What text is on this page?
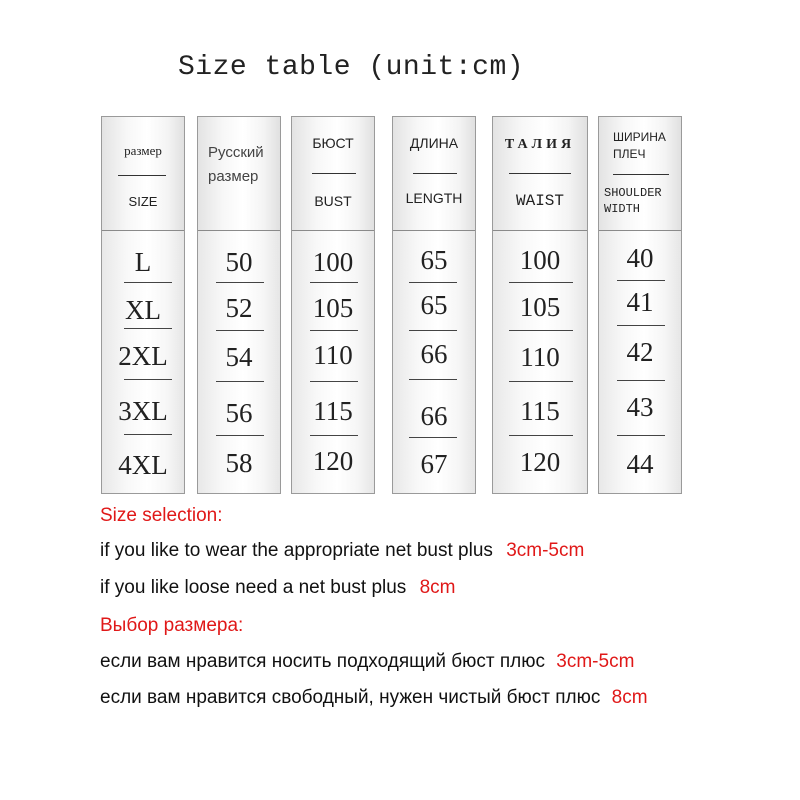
Size table (unit:cm)
размер
SIZE
L
XL
2XL
3XL
4XL
Русский размер
50
52
54
56
58
БЮСТ
BUST
100
105
110
115
120
ДЛИНА
LENGTH
65
65
66
66
67
ТАЛИЯ
WAIST
100
105
110
115
120
ШИРИНА ПЛЕЧ
SHOULDER WIDTH
40
41
42
43
44
Size selection:
if you like to wear the appropriate net bust plus 3cm-5cm
if you like loose need a net bust plus 8cm
Выбор размера:
если вам нравится носить подходящий бюст плюс 3cm-5cm
если вам нравится свободный, нужен чистый бюст плюс 8cm
